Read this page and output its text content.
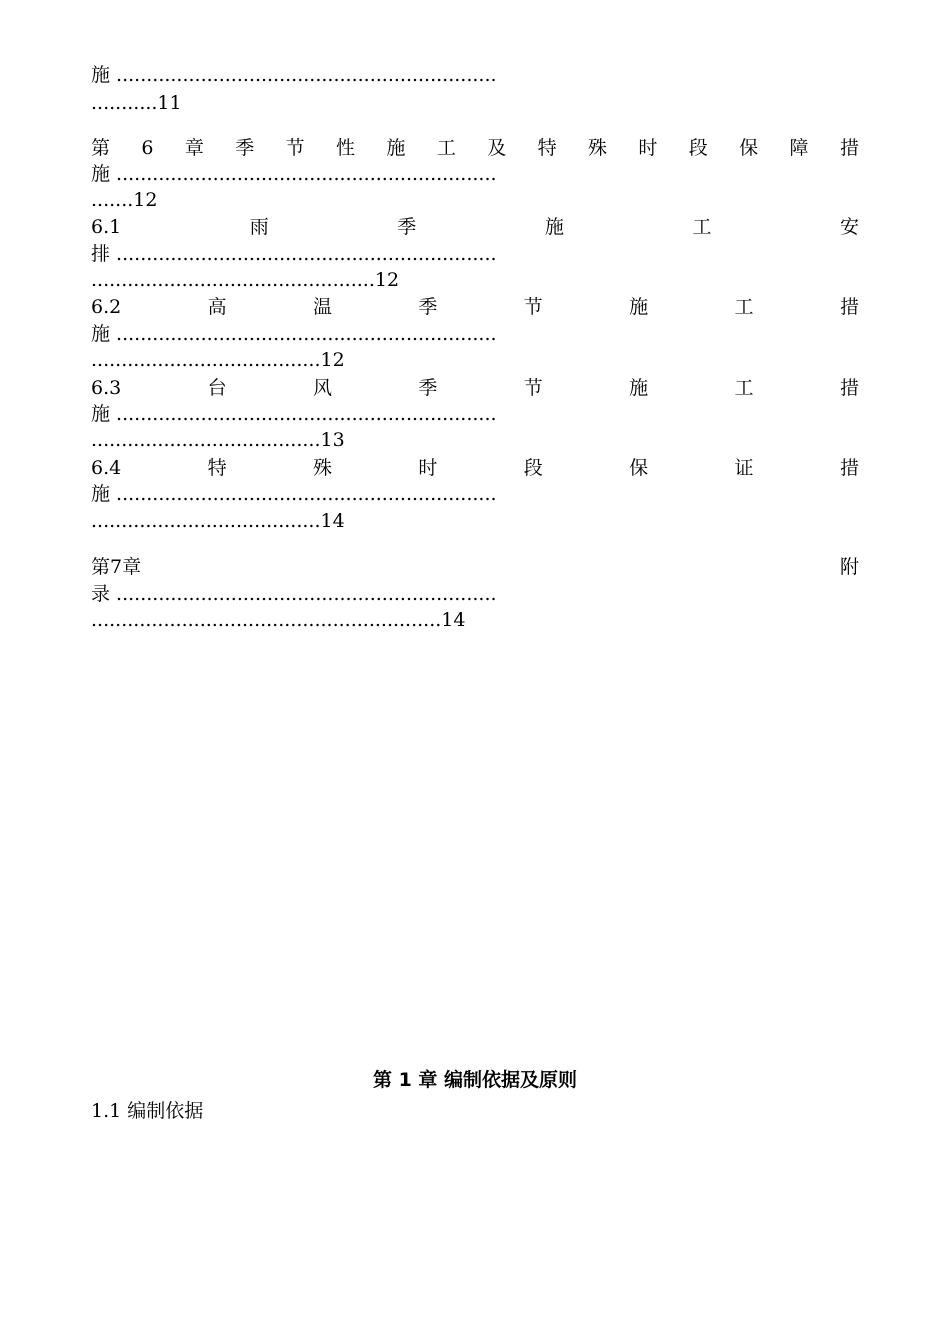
施 ...............................................................
...........11
第 6 章 季 节 性 施 工 及 特 殊 时 段 保 障 措
施 ...............................................................
.......12
6.1	雨	季	施	工	安
排 ...............................................................
...............................................12
6.2	高	温	季	节	施	工	措
施 ...............................................................
......................................12
6.3	台	风	季	节	施	工	措
施 ...............................................................
......................................13
6.4	特	殊	时	段	保	证	措
施 ...............................................................
......................................14
第 7 章	附
录 ...............................................................
..........................................................14
第 1 章 编制依据及原则
1.1 编制依据
